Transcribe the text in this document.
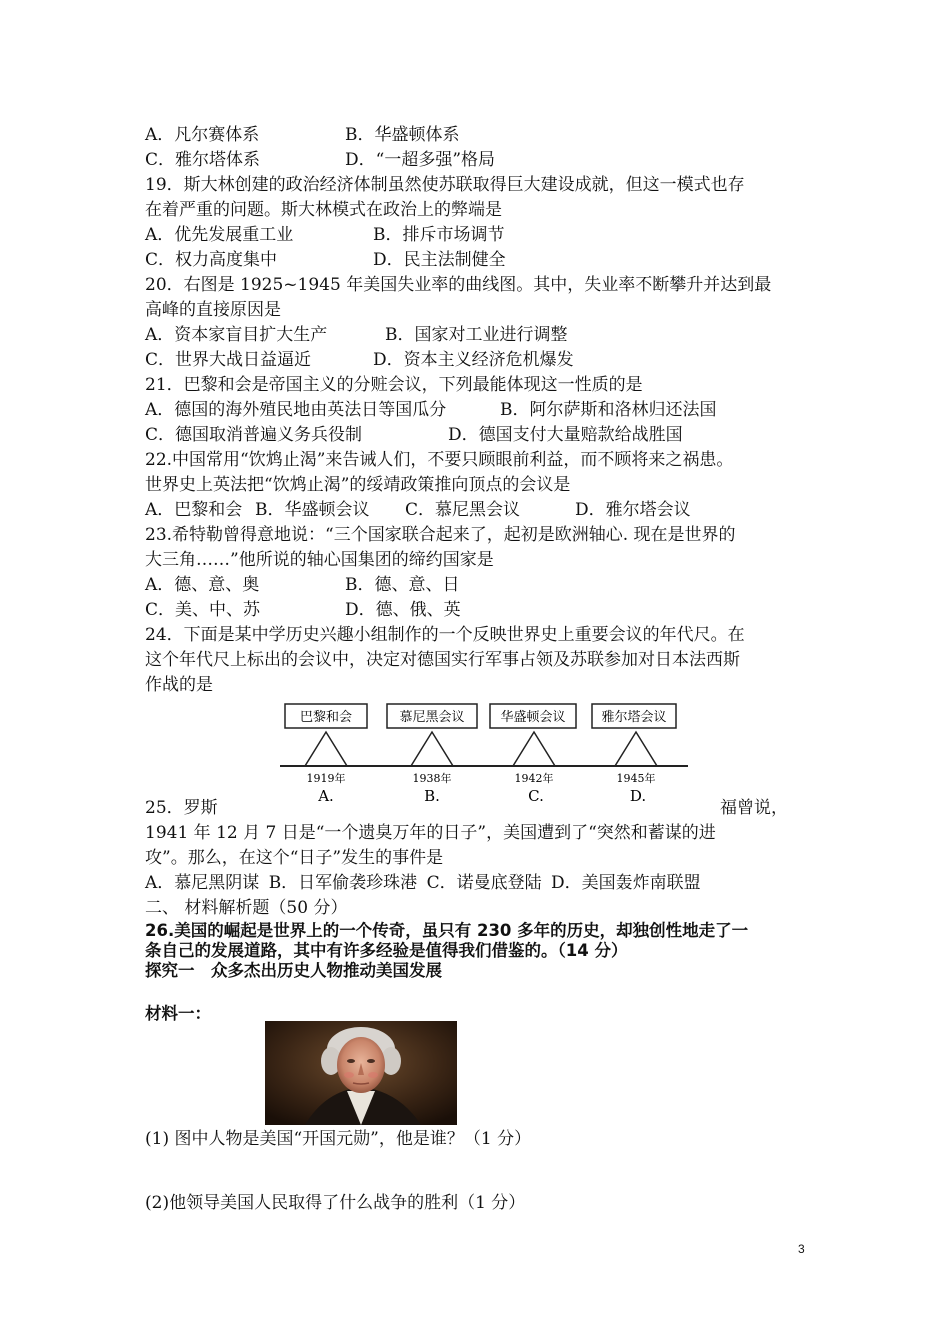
A．凡尔赛体系	B．华盛顿体系
C．雅尔塔体系	D．“一超多强”格局
19．斯大林创建的政治经济体制虽然使苏联取得巨大建设成就，但这一模式也存
在着严重的问题。斯大林模式在政治上的弊端是
A．优先发展重工业	B．排斥市场调节
C．权力高度集中	D．民主法制健全
20．右图是 1925~1945 年美国失业率的曲线图。其中，失业率不断攀升并达到最
高峰的直接原因是
A．资本家盲目扩大生产	B．国家对工业进行调整
C．世界大战日益逼近	D．资本主义经济危机爆发
21．巴黎和会是帝国主义的分赃会议，下列最能体现这一性质的是
A．德国的海外殖民地由英法日等国瓜分	B．阿尔萨斯和洛林归还法国
C．德国取消普遍义务兵役制	D．德国支付大量赔款给战胜国
22.中国常用“饮鸩止渴”来告诫人们，不要只顾眼前利益，而不顾将来之祸患。
世界史上英法把“饮鸩止渴”的绥靖政策推向顶点的会议是
A．巴黎和会 B．华盛顿会议 C．慕尼黑会议	D．雅尔塔会议
23.希特勒曾得意地说：“三个国家联合起来了，起初是欧洲轴心. 现在是世界的
大三角……”他所说的轴心国集团的缔约国家是
A．德、意、奥	B．德、意、日
C．美、中、苏	D．德、俄、英
24．下面是某中学历史兴趣小组制作的一个反映世界史上重要会议的年代尺。在
这个年代尺上标出的会议中，决定对德国实行军事占领及苏联参加对日本法西斯
作战的是
巴黎和会
1919年
A.
慕尼黑会议
1938年
B.
华盛顿会议
1942年
C.
雅尔塔会议
1945年
D.
25．罗斯	福曾说，
1941 年 12 月 7 日是“一个遗臭万年的日子”，美国遭到了“突然和蓄谋的进
攻”。那么，在这个“日子”发生的事件是
A．慕尼黑阴谋 B．日军偷袭珍珠港 C．诺曼底登陆 D．美国轰炸南联盟
二、 材料解析题（50 分）
26.美国的崛起是世界上的一个传奇，虽只有 230 多年的历史，却独创性地走了一
条自己的发展道路，其中有许多经验是值得我们借鉴的。（14 分）
探究一　众多杰出历史人物推动美国发展
材料一：
(1) 图中人物是美国“开国元勋”，他是谁？（1 分）
(2)他领导美国人民取得了什么战争的胜利（1 分）
3
